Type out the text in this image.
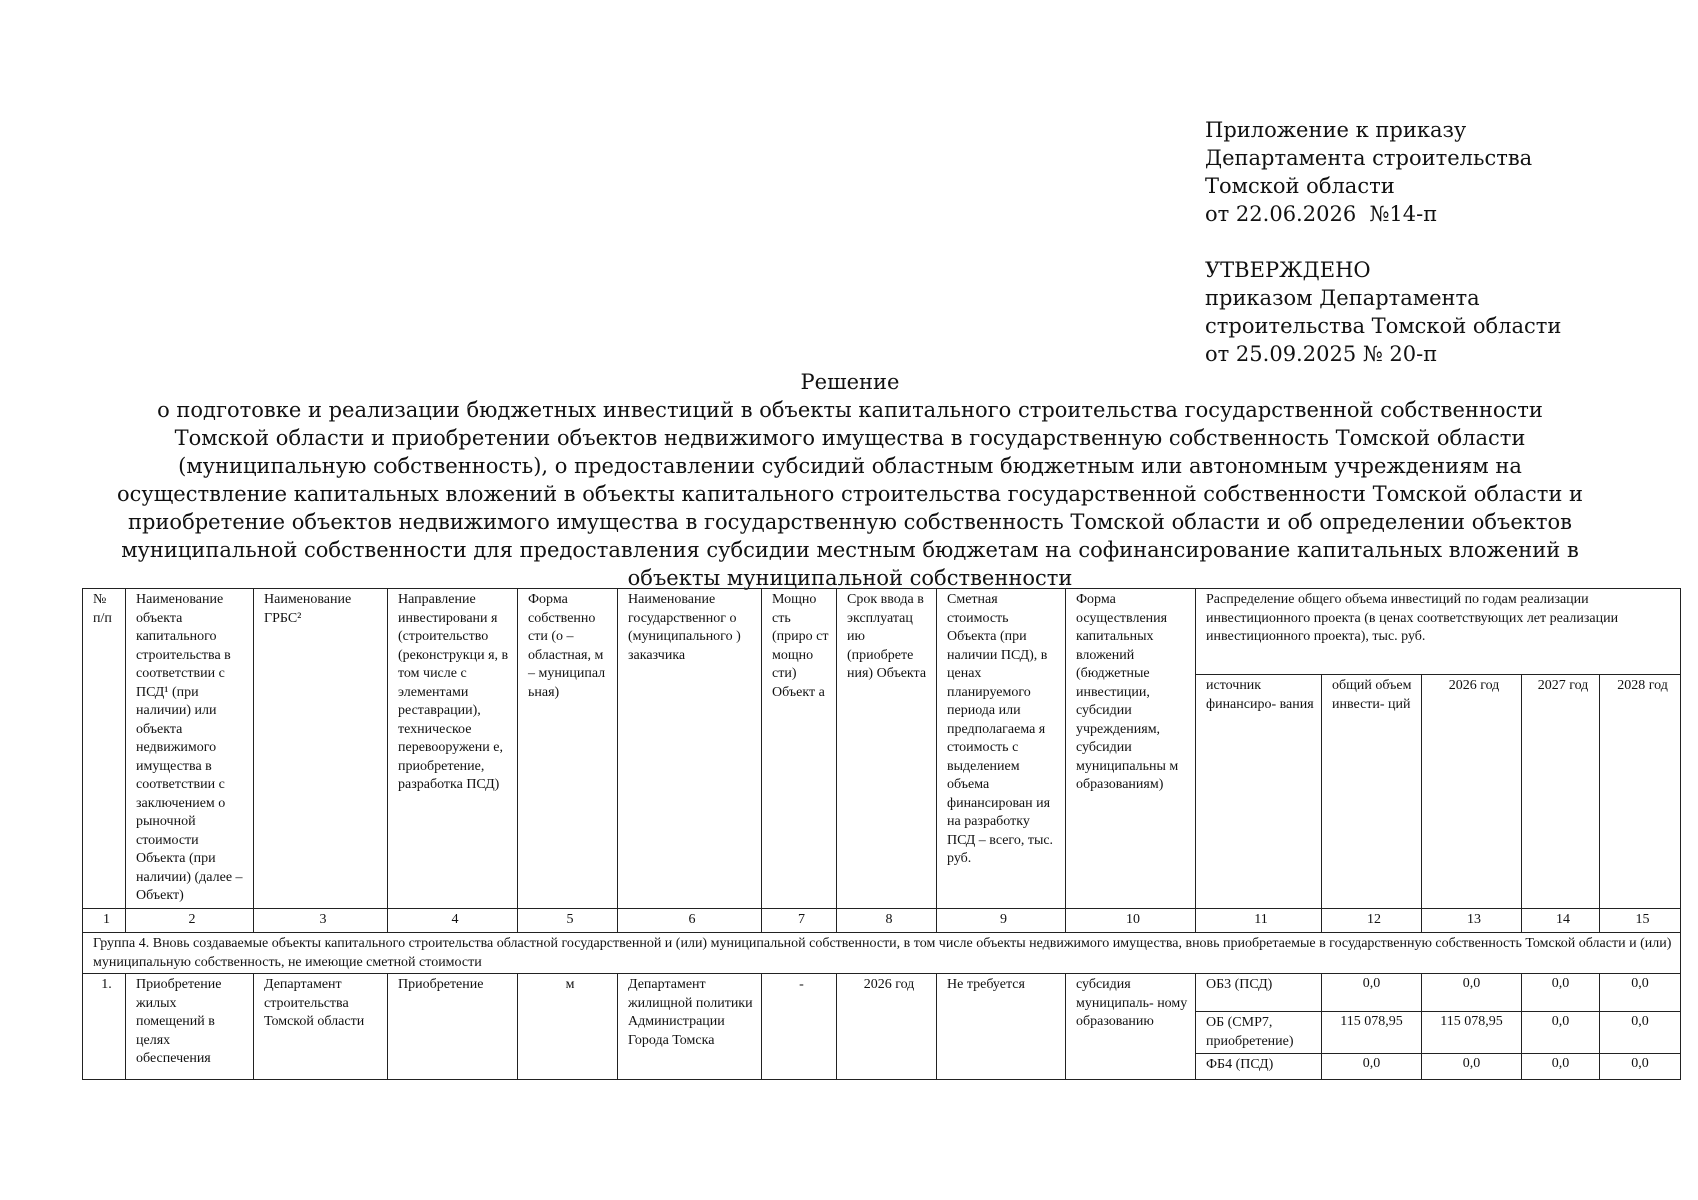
Приложение к приказу
Департамента строительства
Томской области
от 22.06.2026  №14-п
УТВЕРЖДЕНО
приказом Департамента
строительства Томской области
от 25.09.2025 № 20-п
Решение
о подготовке и реализации бюджетных инвестиций в объекты капитального строительства государственной собственности Томской области и приобретении объектов недвижимого имущества в государственную собственность Томской области (муниципальную собственность), о предоставлении субсидий областным бюджетным или автономным учреждениям на осуществление капитальных вложений в объекты капитального строительства государственной собственности Томской области и приобретение объектов недвижимого имущества в государственную собственность Томской области и об определении объектов муниципальной собственности для предоставления субсидии местным бюджетам на софинансирование капитальных вложений в объекты муниципальной собственности
№ п/п	Наименование объекта капитального строительства в соответствии с ПСД¹ (при наличии) или объекта недвижимого имущества в соответствии с заключением о рыночной стоимости Объекта (при наличии) (далее – Объект)	Наименование ГРБС²	Направление инвестировани я (строительство (реконструкци я, в том числе с элементами реставрации), техническое перевооружени е, приобретение, разработка ПСД)	Форма собственно сти (о – областная, м – муниципал ьная)	Наименование государственног о (муниципального ) заказчика	Мощно сть (приро ст мощно сти) Объект а	Срок ввода в эксплуатац ию (приобрете ния) Объекта	Сметная стоимость Объекта (при наличии ПСД), в ценах планируемого периода или предполагаема я стоимость с выделением объема финансирован ия на разработку ПСД – всего, тыс. руб.	Форма осуществления капитальных вложений (бюджетные инвестиции, субсидии учреждениям, субсидии муниципальны м образованиям)	Распределение общего объема инвестиций по годам реализации инвестиционного проекта (в ценах соответствующих лет реализации инвестиционного проекта), тыс. руб.				
										источник финансиро- вания	общий объем инвести- ций	2026 год	2027 год	2028 год
1	2	3	4	5	6	7	8	9	10	11	12	13	14	15
Группа 4. Вновь создаваемые объекты капитального строительства областной государственной и (или) муниципальной собственности, в том числе объекты недвижимого имущества, вновь приобретаемые в государственную собственность Томской области и (или) муниципальную собственность, не имеющие сметной стоимости														
1.	Приобретение жилых помещений в целях обеспечения	Департамент строительства Томской области	Приобретение	м	Департамент жилищной политики Администрации Города Томска	-	2026 год	Не требуется	субсидия муниципаль- ному образованию	ОБ3 (ПСД)	0,0	0,0	0,0	0,0
										ОБ (СМР7, приобретение)	115 078,95	115 078,95	0,0	0,0
										ФБ4 (ПСД)	0,0	0,0	0,0	0,0
